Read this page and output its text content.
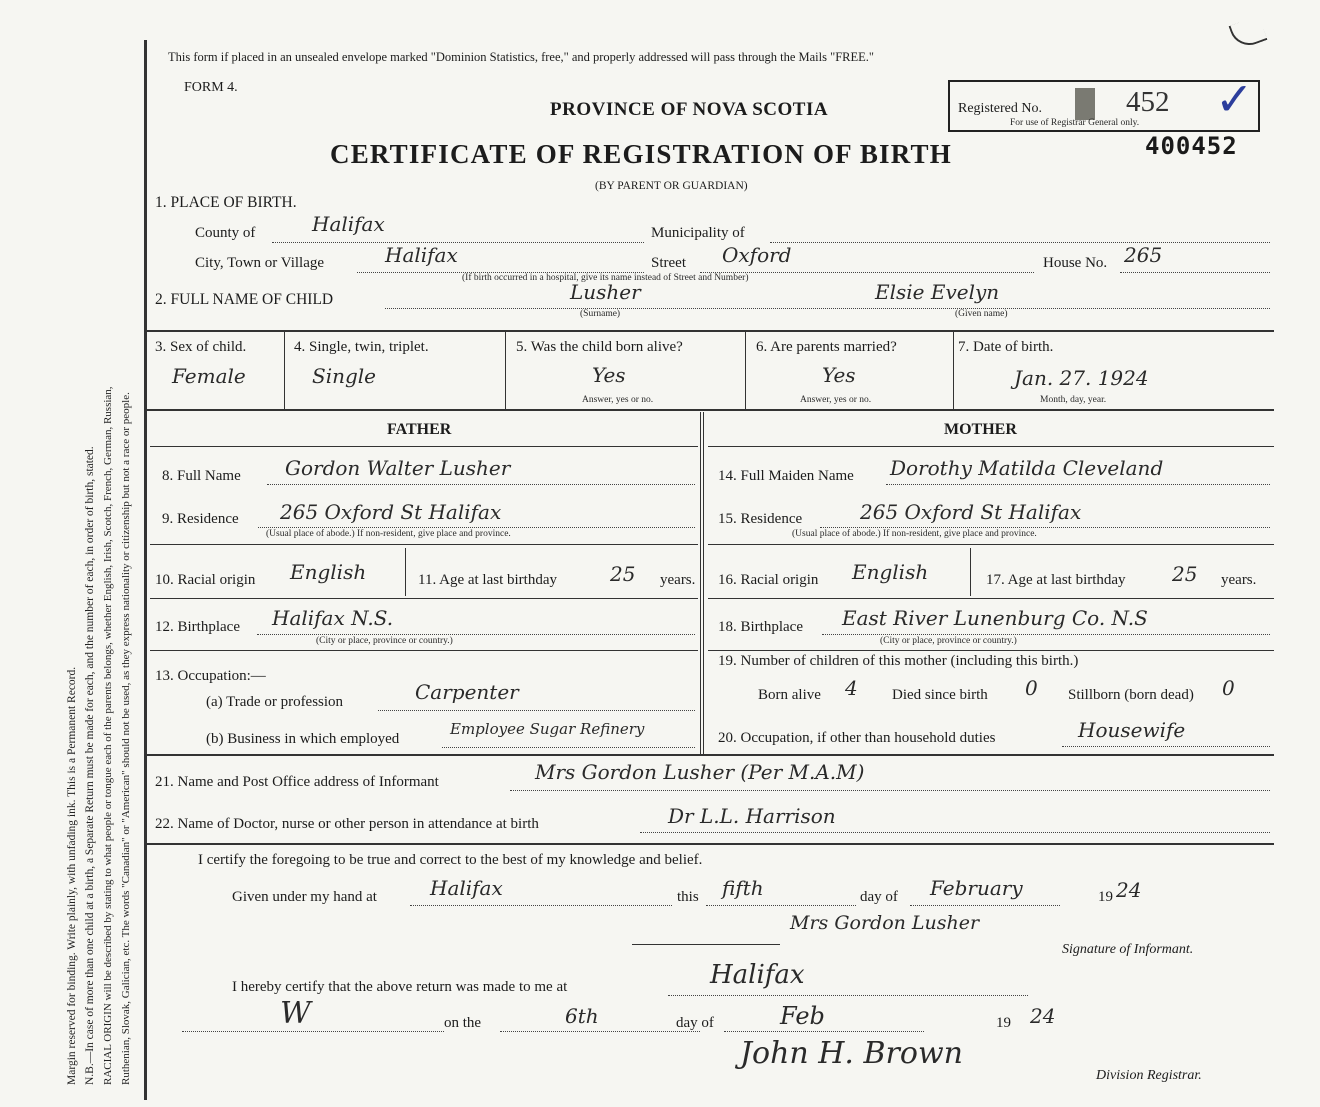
Margin reserved for binding. Write plainly, with unfading ink. This is a Permanent Record. N.B.—In case of more than one child at a birth, a Separate Return must be made for each, and the number of each, in order of birth, stated. RACIAL ORIGIN will be described by stating to what people or tongue each of the parents belongs, whether English, Irish, Scotch, French, German, Russian, Ruthenian, Slovak, Galician, etc. The words "Canadian" or "American" should not be used, as they express nationality or citizenship but not a race or people.
This form if placed in an unsealed envelope marked "Dominion Statistics, free," and properly addressed will pass through the Mails "FREE."
FORM 4.
PROVINCE OF NOVA SCOTIA
CERTIFICATE OF REGISTRATION OF BIRTH
(BY PARENT OR GUARDIAN)
Registered No.	452
For use of Registrar General only. ✓
400452
1. PLACE OF BIRTH.
County of	Halifax	Municipality of
City, Town or Village	Halifax	Street Oxford	House No. 265
(If birth occurred in a hospital, give its name instead of Street and Number)
2. FULL NAME OF CHILD	Lusher
(Surname)
Elsie Evelyn
(Given name)
3. Sex of child.
Female
4. Single, twin, triplet.
Single
5. Was the child born alive?
Yes
Answer, yes or no.
6. Are parents married?
Yes
Answer, yes or no.
7. Date of birth.
Jan. 27. 1924
Month, day, year.
FATHER	MOTHER
8. Full Name Gordon Walter Lusher
9. Residence 265 Oxford St Halifax
(Usual place of abode.) If non-resident, give place and province.
10. Racial origin English	11. Age at last birthday	25 years.
12. Birthplace Halifax N.S.
(City or place, province or country.)
13. Occupation:—
(a) Trade or profession	Carpenter
(b) Business in which employed
Employee Sugar Refinery
14. Full Maiden Name Dorothy Matilda Cleveland
15. Residence	265 Oxford St Halifax
(Usual place of abode.) If non-resident, give place and province.
16. Racial origin English	17. Age at last birthday 25 years.
18. Birthplace East River Lunenburg Co. N.S
(City or place, province or country.)
19. Number of children of this mother (including this birth.)
Born alive 4 Died since birth 0 Stillborn (born dead) 0
20. Occupation, if other than household duties	Housewife
21. Name and Post Office address of Informant	Mrs Gordon Lusher (Per M.A.M)
22. Name of Doctor, nurse or other person in attendance at birth	Dr L.L. Harrison
I certify the foregoing to be true and correct to the best of my knowledge and belief.
Given under my hand at	Halifax	this fifth	day of February	19 24
Mrs Gordon Lusher
Signature of Informant.
I hereby certify that the above return was made to me at	Halifax
W	on the	6th	day of	Feb	19 24
John H. Brown
Division Registrar.
